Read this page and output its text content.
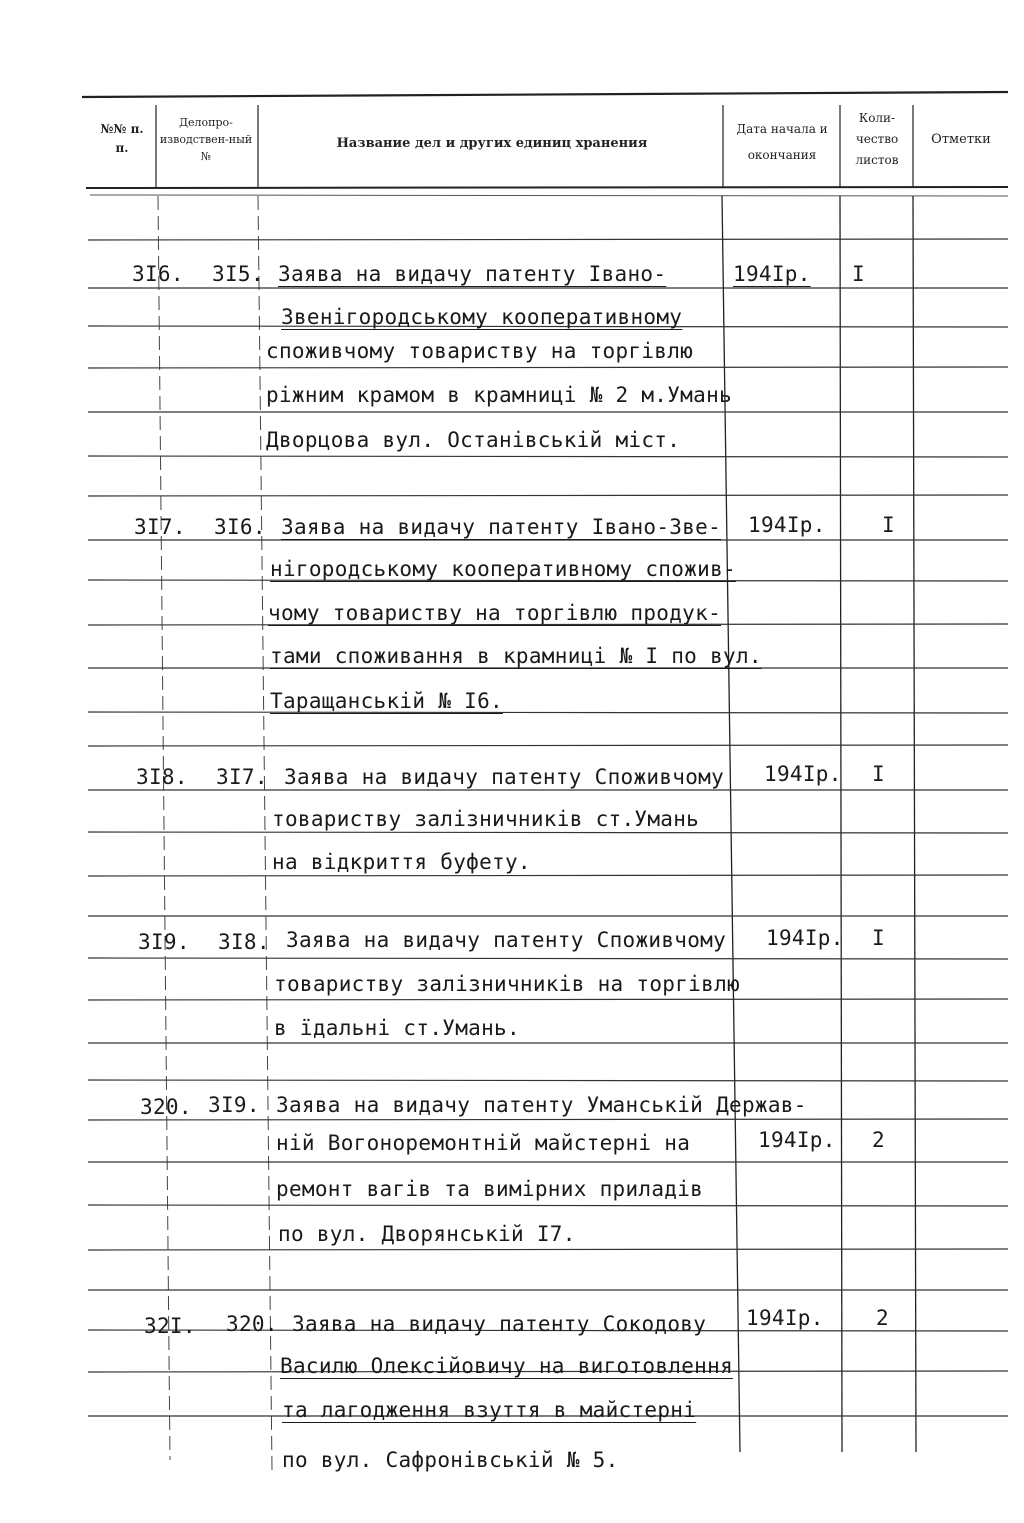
№№ п. п.
Делопро-изводствен-ный №
Название дел и других единиц хранения
Дата начала и окончания
Коли-чество листов
Отметки
3I6. 3I5. Заява на видачу патенту Івано-
Звенігородському кооперативному
споживчому товариству на торгівлю
ріжним крамом в крамниці № 2 м.Умань
Дворцова вул. Останівській міст.
194Iр. I
3I7. 3I6. Заява на видачу патенту Івано-Зве-
нігородському кооперативному спожив-
чому товариству на торгівлю продук-
тами споживання в крамниці № I по вул.
Таращанській № I6.
194Iр.	I
3I8. 3I7. Заява на видачу патенту Споживчому
товариству залізничників ст.Умань
на відкриття буфету.
194Iр. I
3I9. 3I8. Заява на видачу патенту Споживчому
товариству залізничників на торгівлю
в їдальні ст.Умань.
194Iр. I
320. 3I9. Заява на видачу патенту Уманській Держав-
ній Вогоноремонтній майстерні на
ремонт вагів та вимірних приладів
по вул. Дворянській I7.
194Iр. 2
32I. 320. Заява на видачу патенту Сокодову
Василю Олексійовичу на виготовлення
та лагодження взуття в майстерні
по вул. Сафронівській № 5.
194Iр. 2
